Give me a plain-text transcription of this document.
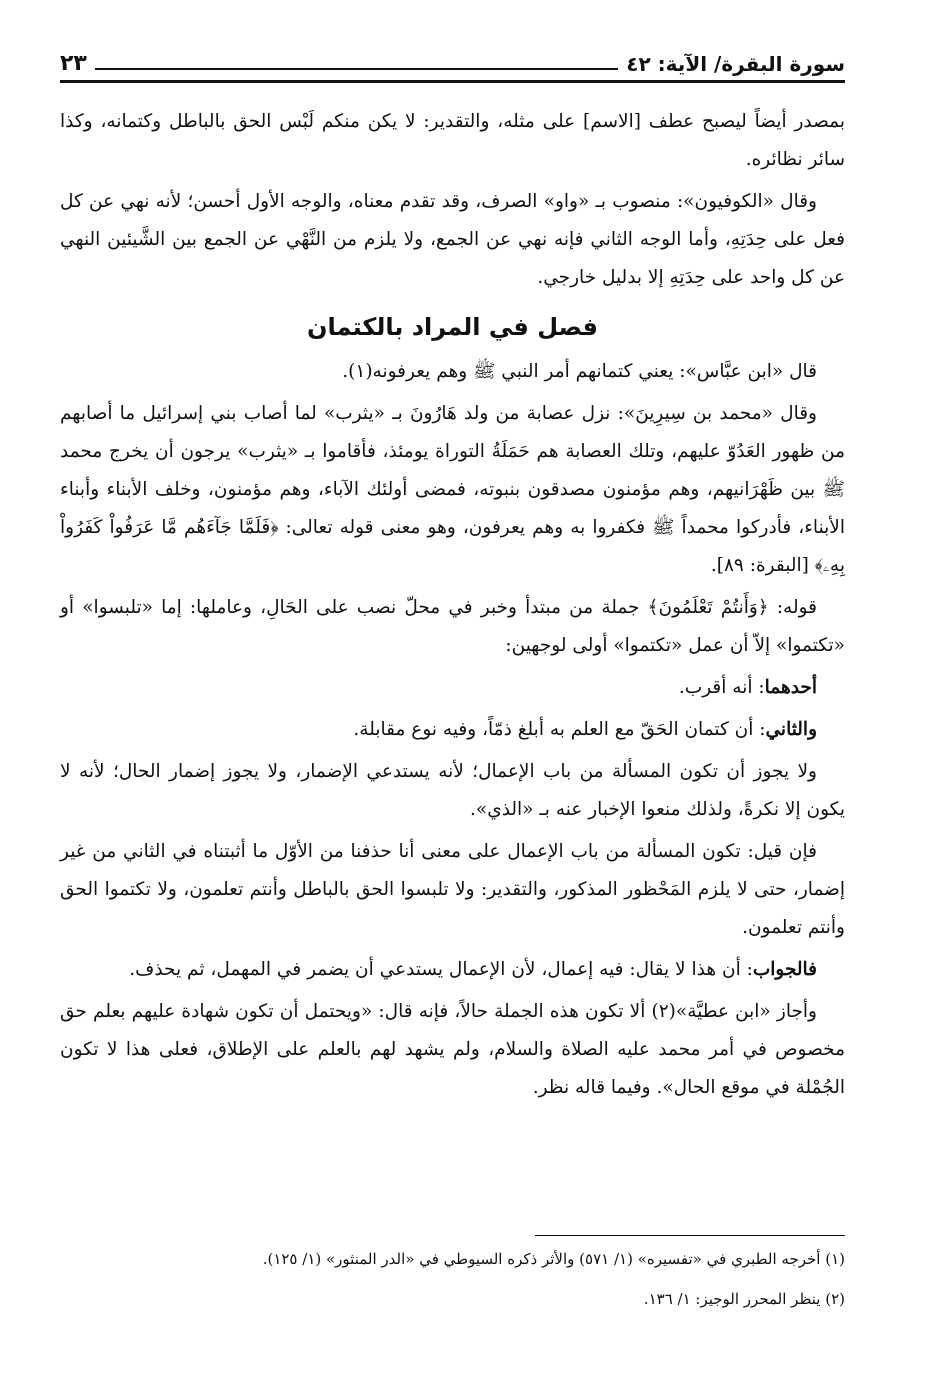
سورة البقرة/ الآية: ٤٢
٢٣

بمصدر أيضاً ليصبح عطف [الاسم] على مثله، والتقدير: لا يكن منكم لَبْس الحق بالباطل وكتمانه، وكذا سائر نظائره.

وقال «الكوفيون»: منصوب بـ «واو» الصرف، وقد تقدم معناه، والوجه الأول أحسن؛ لأنه نهي عن كل فعل على حِدَتِهِ، وأما الوجه الثاني فإنه نهي عن الجمع، ولا يلزم من النَّهْي عن الجمع بين الشَّيئين النهي عن كل واحد على حِدَتِهِ إلا بدليل خارجي.

فصل في المراد بالكتمان

قال «ابن عبَّاس»: يعني كتمانهم أمر النبي ﷺ وهم يعرفونه(١).

وقال «محمد بن سِيرِينَ»: نزل عصابة من ولد هَارُونَ بـ «يثرب» لما أصاب بني إسرائيل ما أصابهم من ظهور العَدُوّ عليهم، وتلك العصابة هم حَمَلَةُ التوراة يومئذ، فأقاموا بـ «يثرب» يرجون أن يخرج محمد ﷺ بين ظَهْرَانيهم، وهم مؤمنون مصدقون بنبوته، فمضى أولئك الآباء، وهم مؤمنون، وخلف الأبناء وأبناء الأبناء، فأدركوا محمداً ﷺ فكفروا به وهم يعرفون، وهو معنى قوله تعالى: ﴿فَلَمَّا جَآءَهُم مَّا عَرَفُواْ كَفَرُواْ بِهِۦ﴾ [البقرة: ٨٩].

قوله: ﴿وَأَنتُمْ تَعْلَمُونَ﴾ جملة من مبتدأ وخبر في محلّ نصب على الحَالِ، وعاملها: إما «تلبسوا» أو «تكتموا» إلاّ أن عمل «تكتموا» أولى لوجهين:

أحدهما: أنه أقرب.

والثاني: أن كتمان الحَقّ مع العلم به أبلغ ذمّاً، وفيه نوع مقابلة.

ولا يجوز أن تكون المسألة من باب الإعمال؛ لأنه يستدعي الإضمار، ولا يجوز إضمار الحال؛ لأنه لا يكون إلا نكرةً، ولذلك منعوا الإخبار عنه بـ «الذي».

فإن قيل: تكون المسألة من باب الإعمال على معنى أنا حذفنا من الأوّل ما أثبتناه في الثاني من غير إضمار، حتى لا يلزم المَحْظور المذكور، والتقدير: ولا تلبسوا الحق بالباطل وأنتم تعلمون، ولا تكتموا الحق وأنتم تعلمون.

فالجواب: أن هذا لا يقال: فيه إعمال، لأن الإعمال يستدعي أن يضمر في المهمل، ثم يحذف.

وأجاز «ابن عطيَّة»(٢) ألا تكون هذه الجملة حالاً، فإنه قال: «ويحتمل أن تكون شهادة عليهم بعلم حق مخصوص في أمر محمد عليه الصلاة والسلام، ولم يشهد لهم بالعلم على الإطلاق، فعلى هذا لا تكون الجُمْلة في موقع الحال». وفيما قاله نظر.

(١) أخرجه الطبري في «تفسيره» (١/ ٥٧١) والأثر ذكره السيوطي في «الدر المنثور» (١/ ١٢٥).

(٢) ينظر المحرر الوجيز: ١/ ١٣٦.
